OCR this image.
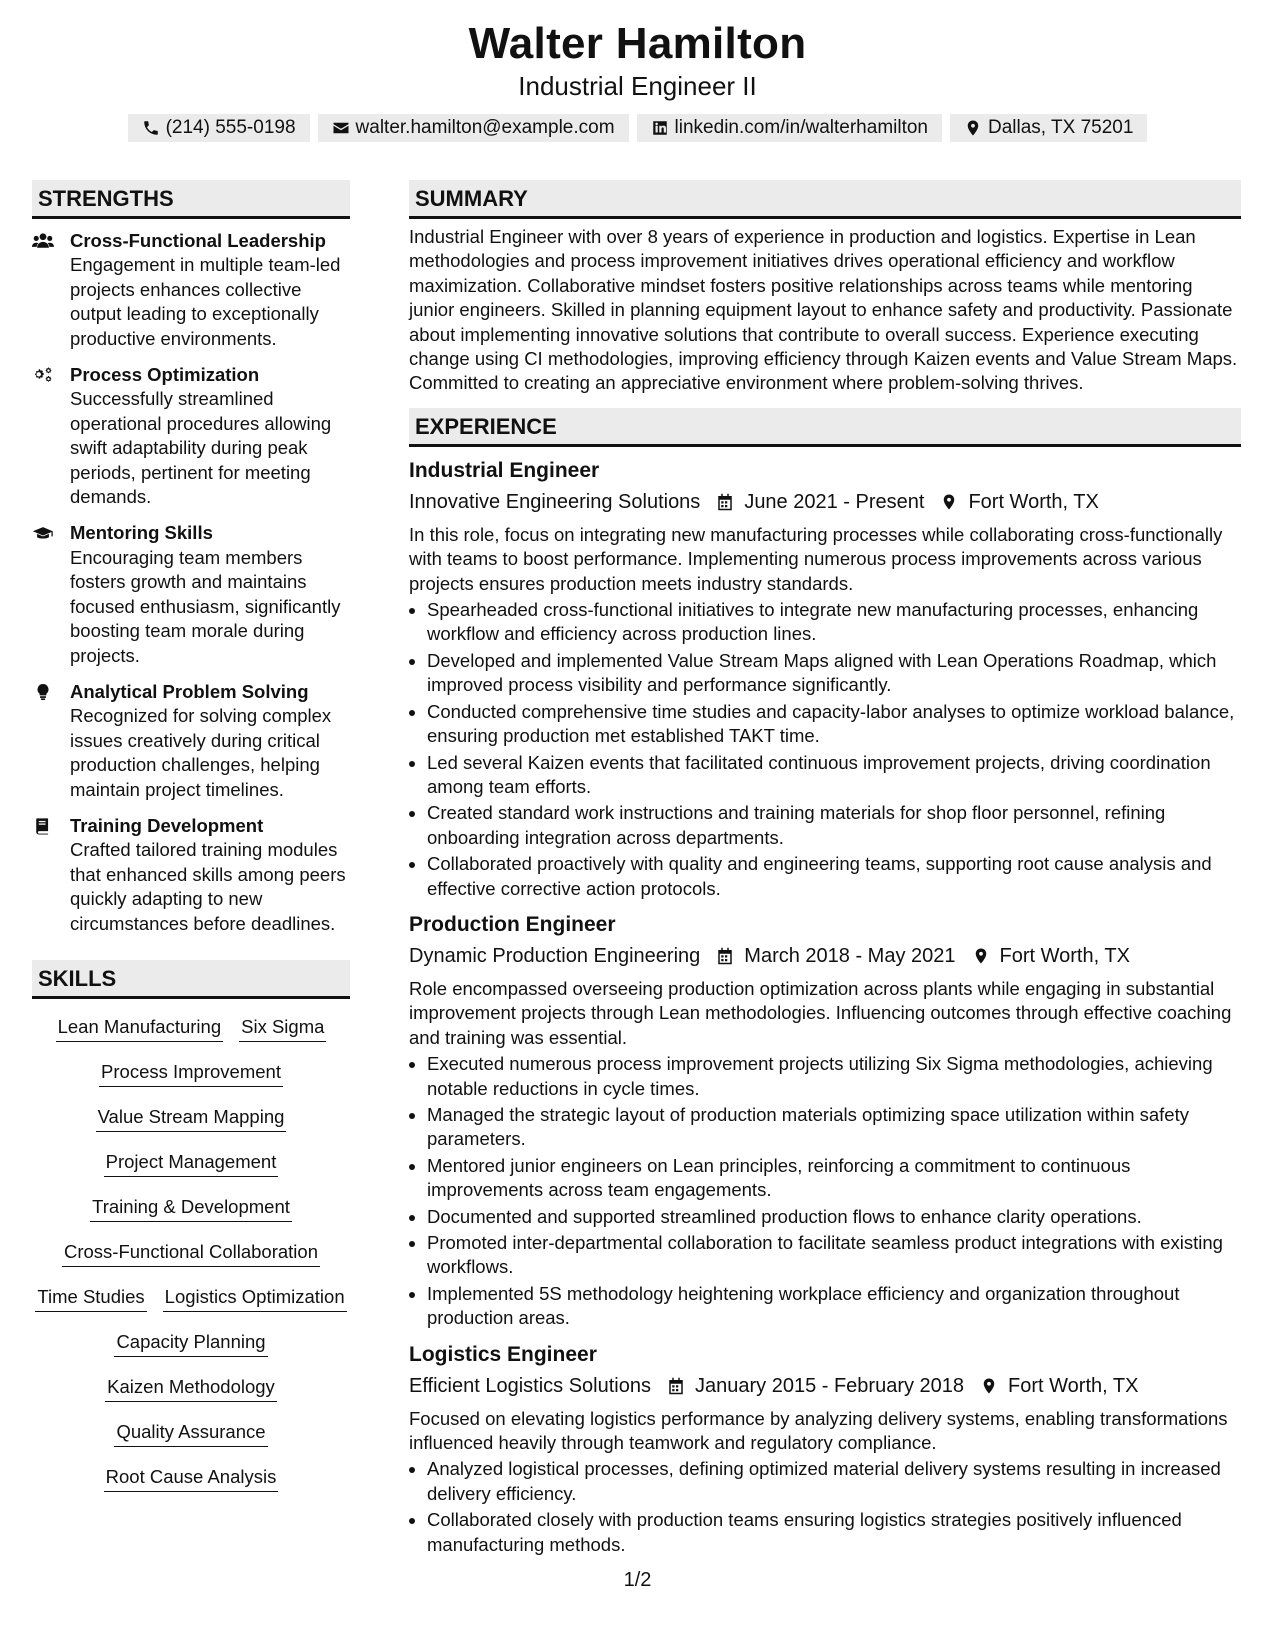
Walter Hamilton
Industrial Engineer II
(214) 555-0198	walter.hamilton@example.com	linkedin.com/in/walterhamilton	Dallas, TX 75201
STRENGTHS
Cross-Functional Leadership
Engagement in multiple team-led projects enhances collective output leading to exceptionally productive environments.
Process Optimization
Successfully streamlined operational procedures allowing swift adaptability during peak periods, pertinent for meeting demands.
Mentoring Skills
Encouraging team members fosters growth and maintains focused enthusiasm, significantly boosting team morale during projects.
Analytical Problem Solving
Recognized for solving complex issues creatively during critical production challenges, helping maintain project timelines.
Training Development
Crafted tailored training modules that enhanced skills among peers quickly adapting to new circumstances before deadlines.
SKILLS
Lean Manufacturing Six Sigma
Process Improvement
Value Stream Mapping
Project Management
Training & Development
Cross-Functional Collaboration
Time Studies Logistics Optimization
Capacity Planning
Kaizen Methodology
Quality Assurance
Root Cause Analysis
SUMMARY
Industrial Engineer with over 8 years of experience in production and logistics. Expertise in Lean methodologies and process improvement initiatives drives operational efficiency and workflow maximization. Collaborative mindset fosters positive relationships across teams while mentoring junior engineers. Skilled in planning equipment layout to enhance safety and productivity. Passionate about implementing innovative solutions that contribute to overall success. Experience executing change using CI methodologies, improving efficiency through Kaizen events and Value Stream Maps. Committed to creating an appreciative environment where problem-solving thrives.
EXPERIENCE
Industrial Engineer
Innovative Engineering Solutions June 2021 - Present Fort Worth, TX
In this role, focus on integrating new manufacturing processes while collaborating cross-functionally with teams to boost performance. Implementing numerous process improvements across various projects ensures production meets industry standards.
• Spearheaded cross-functional initiatives to integrate new manufacturing processes, enhancing workflow and efficiency across production lines.
• Developed and implemented Value Stream Maps aligned with Lean Operations Roadmap, which improved process visibility and performance significantly.
• Conducted comprehensive time studies and capacity-labor analyses to optimize workload balance, ensuring production met established TAKT time.
• Led several Kaizen events that facilitated continuous improvement projects, driving coordination among team efforts.
• Created standard work instructions and training materials for shop floor personnel, refining onboarding integration across departments.
• Collaborated proactively with quality and engineering teams, supporting root cause analysis and effective corrective action protocols.
Production Engineer
Dynamic Production Engineering March 2018 - May 2021 Fort Worth, TX
Role encompassed overseeing production optimization across plants while engaging in substantial improvement projects through Lean methodologies. Influencing outcomes through effective coaching and training was essential.
• Executed numerous process improvement projects utilizing Six Sigma methodologies, achieving notable reductions in cycle times.
• Managed the strategic layout of production materials optimizing space utilization within safety parameters.
• Mentored junior engineers on Lean principles, reinforcing a commitment to continuous improvements across team engagements.
• Documented and supported streamlined production flows to enhance clarity operations.
• Promoted inter-departmental collaboration to facilitate seamless product integrations with existing workflows.
• Implemented 5S methodology heightening workplace efficiency and organization throughout production areas.
Logistics Engineer
Efficient Logistics Solutions January 2015 - February 2018 Fort Worth, TX
Focused on elevating logistics performance by analyzing delivery systems, enabling transformations influenced heavily through teamwork and regulatory compliance.
• Analyzed logistical processes, defining optimized material delivery systems resulting in increased delivery efficiency.
• Collaborated closely with production teams ensuring logistics strategies positively influenced manufacturing methods.
1/2
